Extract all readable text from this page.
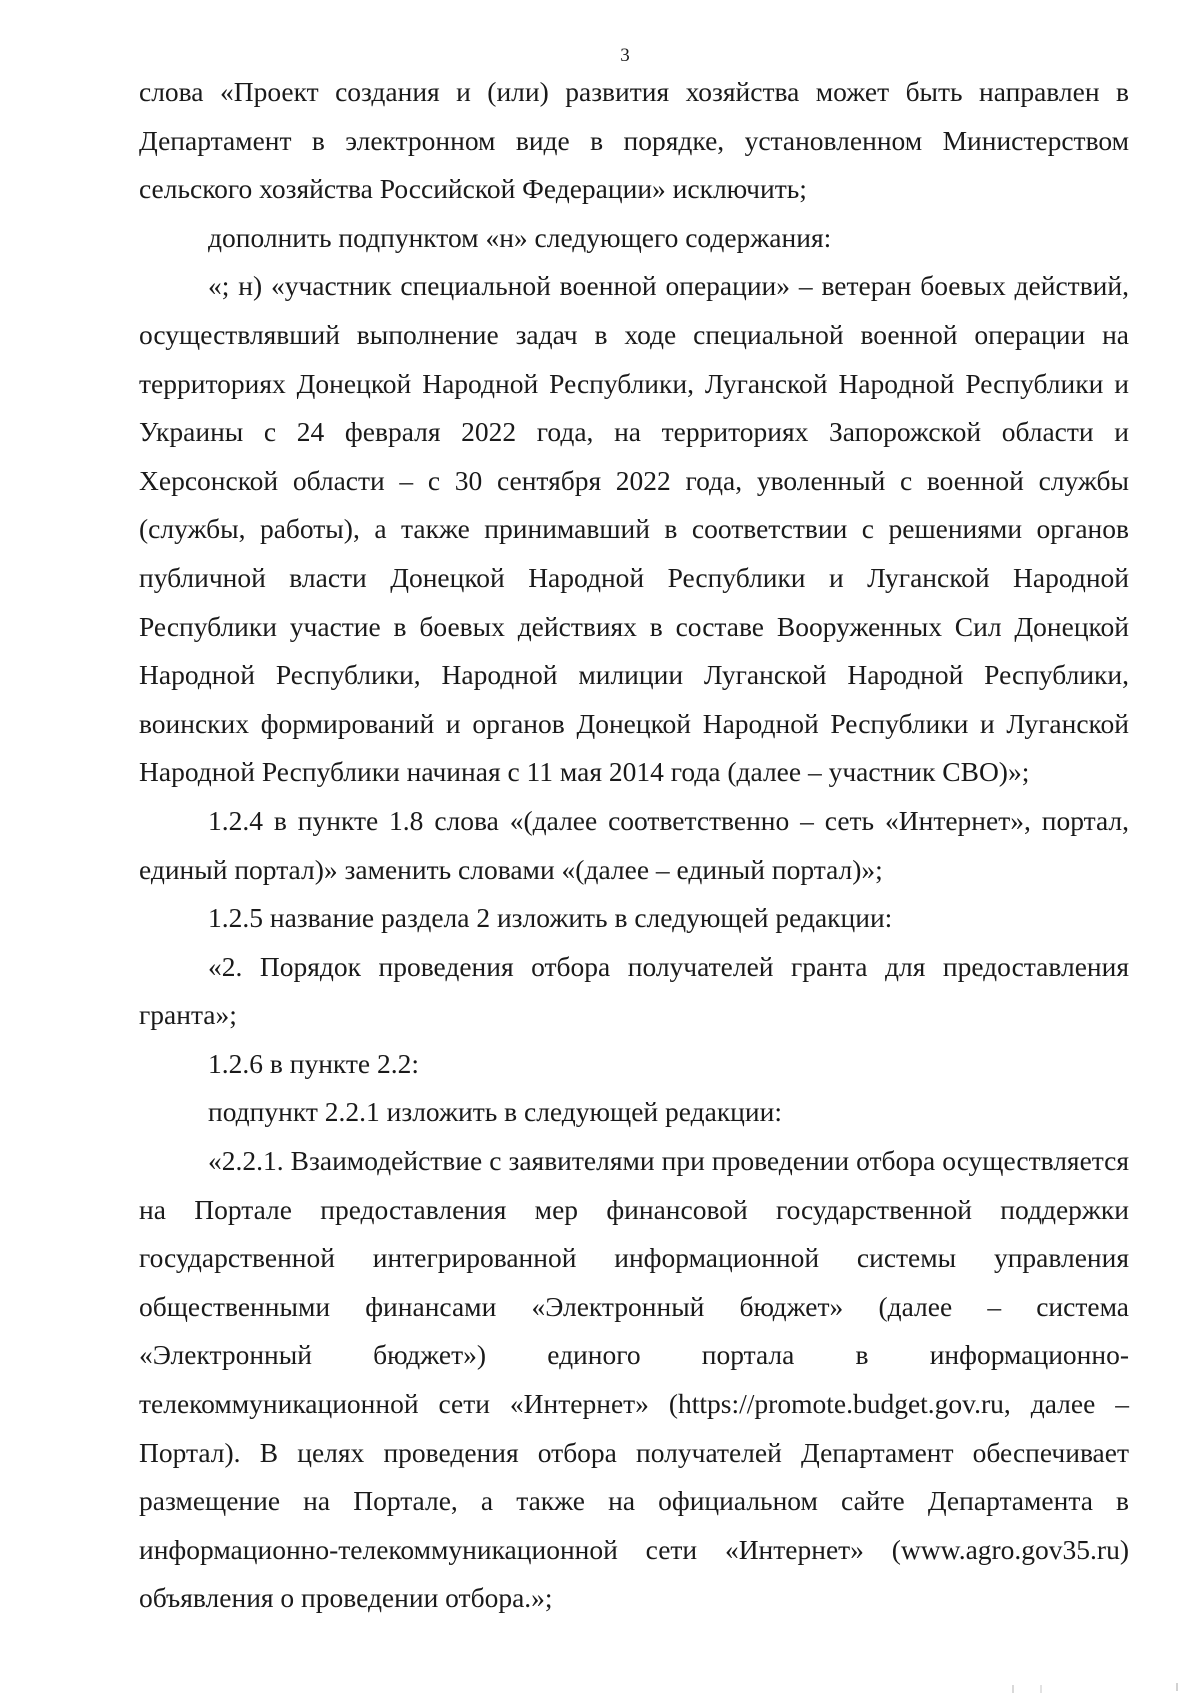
3

слова «Проект создания и (или) развития хозяйства может быть направлен в Департамент в электронном виде в порядке, установленном Министерством сельского хозяйства Российской Федерации» исключить;

дополнить подпунктом «н» следующего содержания:

«; н) «участник специальной военной операции» – ветеран боевых действий, осуществлявший выполнение задач в ходе специальной военной операции на территориях Донецкой Народной Республики, Луганской Народной Республики и Украины с 24 февраля 2022 года, на территориях Запорожской области и Херсонской области – с 30 сентября 2022 года, уволенный с военной службы (службы, работы), а также принимавший в соответствии с решениями органов публичной власти Донецкой Народной Республики и Луганской Народной Республики участие в боевых действиях в составе Вооруженных Сил Донецкой Народной Республики, Народной милиции Луганской Народной Республики, воинских формирований и органов Донецкой Народной Республики и Луганской Народной Республики начиная с 11 мая 2014 года (далее – участник СВО)»;

1.2.4 в пункте 1.8 слова «(далее соответственно – сеть «Интернет», портал, единый портал)» заменить словами «(далее – единый портал)»;

1.2.5 название раздела 2 изложить в следующей редакции:

«2. Порядок проведения отбора получателей гранта для предоставления гранта»;

1.2.6 в пункте 2.2:

подпункт 2.2.1 изложить в следующей редакции:

«2.2.1. Взаимодействие с заявителями при проведении отбора осуществляется на Портале предоставления мер финансовой государственной поддержки государственной интегрированной информационной системы управления общественными финансами «Электронный бюджет» (далее – система «Электронный бюджет») единого портала в информационно-телекоммуникационной сети «Интернет» (https://promote.budget.gov.ru, далее – Портал). В целях проведения отбора получателей Департамент обеспечивает размещение на Портале, а также на официальном сайте Департамента в информационно-телекоммуникационной сети «Интернет» (www.agro.gov35.ru) объявления о проведении отбора.»;
